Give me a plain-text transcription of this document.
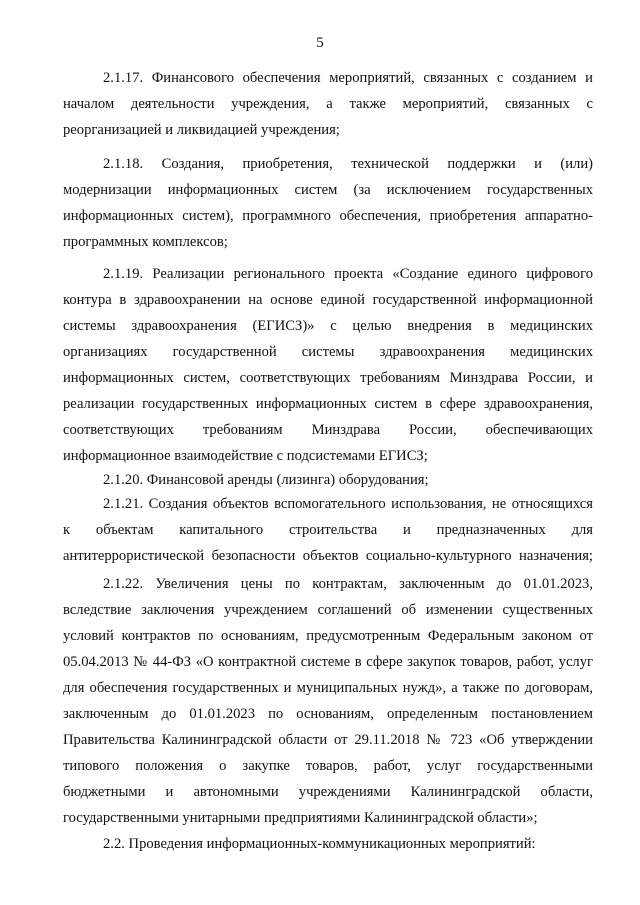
5
2.1.17. Финансового обеспечения мероприятий, связанных с созданием и
началом деятельности учреждения, а также мероприятий, связанных с
реорганизацией и ликвидацией учреждения;
2.1.18. Создания, приобретения, технической поддержки и (или)
модернизации информационных систем (за исключением государственных
информационных систем), программного обеспечения, приобретения аппаратно-
программных комплексов;
2.1.19. Реализации регионального проекта «Создание единого цифрового
контура в здравоохранении на основе единой государственной информационной
системы здравоохранения (ЕГИСЗ)» с целью внедрения в медицинских
организациях государственной системы здравоохранения медицинских
информационных систем, соответствующих требованиям Минздрава России, и
реализации государственных информационных систем в сфере здравоохранения,
соответствующих требованиям Минздрава России, обеспечивающих
информационное взаимодействие с подсистемами ЕГИСЗ;
2.1.20. Финансовой аренды (лизинга) оборудования;
2.1.21. Создания объектов вспомогательного использования, не относящихся
к объектам капитального строительства и предназначенных для
антитеррористической безопасности объектов социально-культурного назначения;
2.1.22. Увеличения цены по контрактам, заключенным до 01.01.2023,
вследствие заключения учреждением соглашений об изменении существенных
условий контрактов по основаниям, предусмотренным Федеральным законом от
05.04.2013 № 44-ФЗ «О контрактной системе в сфере закупок товаров, работ, услуг
для обеспечения государственных и муниципальных нужд», а также по договорам,
заключенным до 01.01.2023 по основаниям, определенным постановлением
Правительства Калининградской области от 29.11.2018 № 723 «Об утверждении
типового положения о закупке товаров, работ, услуг государственными
бюджетными и автономными учреждениями Калининградской области,
государственными унитарными предприятиями Калининградской области»;
2.2. Проведения информационных-коммуникационных мероприятий:
